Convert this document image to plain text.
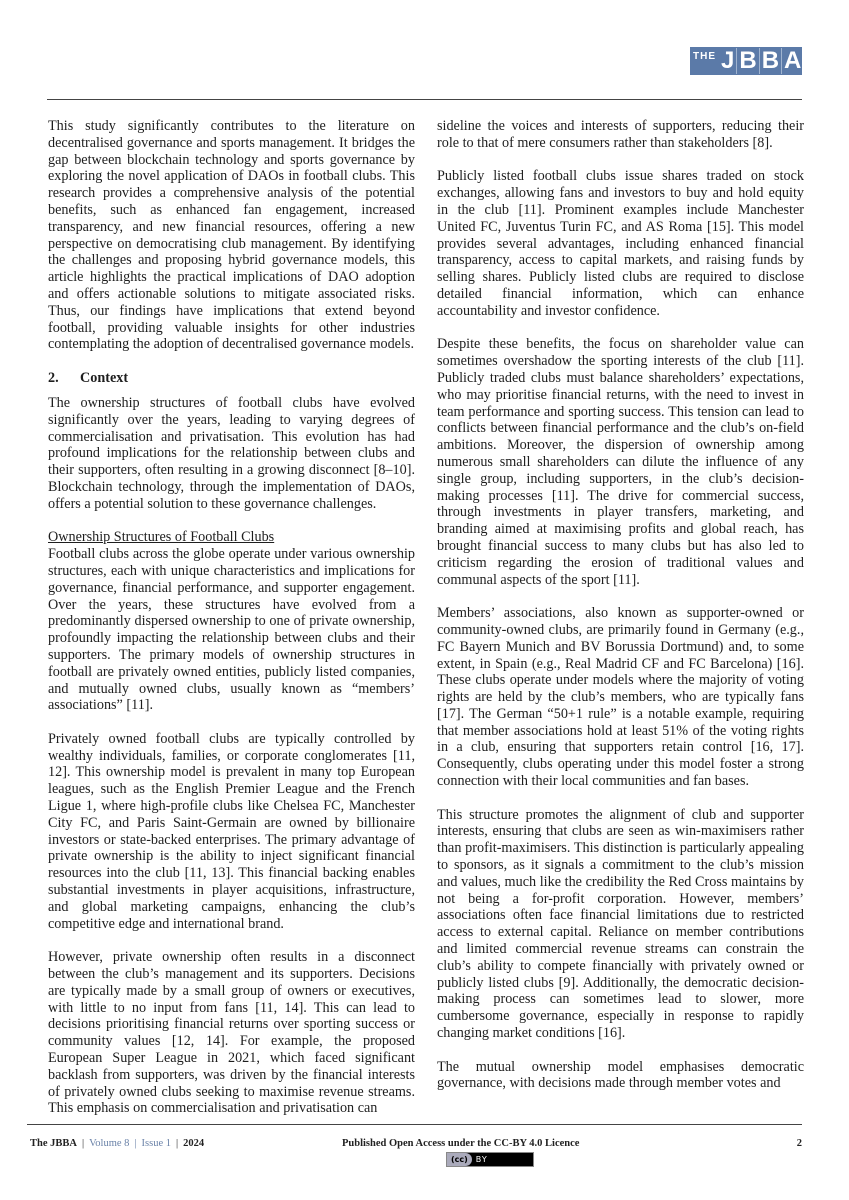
THE J B B A

This study significantly contributes to the literature on decentralised governance and sports management. It bridges the gap between blockchain technology and sports governance by exploring the novel application of DAOs in football clubs. This research provides a comprehensive analysis of the potential benefits, such as enhanced fan engagement, increased transparency, and new financial resources, offering a new perspective on democratising club management. By identifying the challenges and proposing hybrid governance models, this article highlights the practical implications of DAO adoption and offers actionable solutions to mitigate associated risks. Thus, our findings have implications that extend beyond football, providing valuable insights for other industries contemplating the adoption of decentralised governance models.

2. Context

The ownership structures of football clubs have evolved significantly over the years, leading to varying degrees of commercialisation and privatisation. This evolution has had profound implications for the relationship between clubs and their supporters, often resulting in a growing disconnect [8–10]. Blockchain technology, through the implementation of DAOs, offers a potential solution to these governance challenges.

Ownership Structures of Football Clubs

Football clubs across the globe operate under various ownership structures, each with unique characteristics and implications for governance, financial performance, and supporter engagement. Over the years, these structures have evolved from a predominantly dispersed ownership to one of private ownership, profoundly impacting the relationship between clubs and their supporters. The primary models of ownership structures in football are privately owned entities, publicly listed companies, and mutually owned clubs, usually known as “members’ associations” [11].

Privately owned football clubs are typically controlled by wealthy individuals, families, or corporate conglomerates [11, 12]. This ownership model is prevalent in many top European leagues, such as the English Premier League and the French Ligue 1, where high-profile clubs like Chelsea FC, Manchester City FC, and Paris Saint-Germain are owned by billionaire investors or state-backed enterprises. The primary advantage of private ownership is the ability to inject significant financial resources into the club [11, 13]. This financial backing enables substantial investments in player acquisitions, infrastructure, and global marketing campaigns, enhancing the club’s competitive edge and international brand.

However, private ownership often results in a disconnect between the club’s management and its supporters. Decisions are typically made by a small group of owners or executives, with little to no input from fans [11, 14]. This can lead to decisions prioritising financial returns over sporting success or community values [12, 14]. For example, the proposed European Super League in 2021, which faced significant backlash from supporters, was driven by the financial interests of privately owned clubs seeking to maximise revenue streams. This emphasis on commercialisation and privatisation can

sideline the voices and interests of supporters, reducing their role to that of mere consumers rather than stakeholders [8].

Publicly listed football clubs issue shares traded on stock exchanges, allowing fans and investors to buy and hold equity in the club [11]. Prominent examples include Manchester United FC, Juventus Turin FC, and AS Roma [15]. This model provides several advantages, including enhanced financial transparency, access to capital markets, and raising funds by selling shares. Publicly listed clubs are required to disclose detailed financial information, which can enhance accountability and investor confidence.

Despite these benefits, the focus on shareholder value can sometimes overshadow the sporting interests of the club [11]. Publicly traded clubs must balance shareholders’ expectations, who may prioritise financial returns, with the need to invest in team performance and sporting success. This tension can lead to conflicts between financial performance and the club’s on-field ambitions. Moreover, the dispersion of ownership among numerous small shareholders can dilute the influence of any single group, including supporters, in the club’s decision-making processes [11]. The drive for commercial success, through investments in player transfers, marketing, and branding aimed at maximising profits and global reach, has brought financial success to many clubs but has also led to criticism regarding the erosion of traditional values and communal aspects of the sport [11].

Members’ associations, also known as supporter-owned or community-owned clubs, are primarily found in Germany (e.g., FC Bayern Munich and BV Borussia Dortmund) and, to some extent, in Spain (e.g., Real Madrid CF and FC Barcelona) [16]. These clubs operate under models where the majority of voting rights are held by the club’s members, who are typically fans [17]. The German “50+1 rule” is a notable example, requiring that member associations hold at least 51% of the voting rights in a club, ensuring that supporters retain control [16, 17]. Consequently, clubs operating under this model foster a strong connection with their local communities and fan bases.

This structure promotes the alignment of club and supporter interests, ensuring that clubs are seen as win-maximisers rather than profit-maximisers. This distinction is particularly appealing to sponsors, as it signals a commitment to the club’s mission and values, much like the credibility the Red Cross maintains by not being a for-profit corporation. However, members’ associations often face financial limitations due to restricted access to external capital. Reliance on member contributions and limited commercial revenue streams can constrain the club’s ability to compete financially with privately owned or publicly listed clubs [9]. Additionally, the democratic decision-making process can sometimes lead to slower, more cumbersome governance, especially in response to rapidly changing market conditions [16].

The mutual ownership model emphasises democratic governance, with decisions made through member votes and

The JBBA | Volume 8 | Issue 1 | 2024	Published Open Access under the CC-BY 4.0 Licence	2
(cc)	BY
